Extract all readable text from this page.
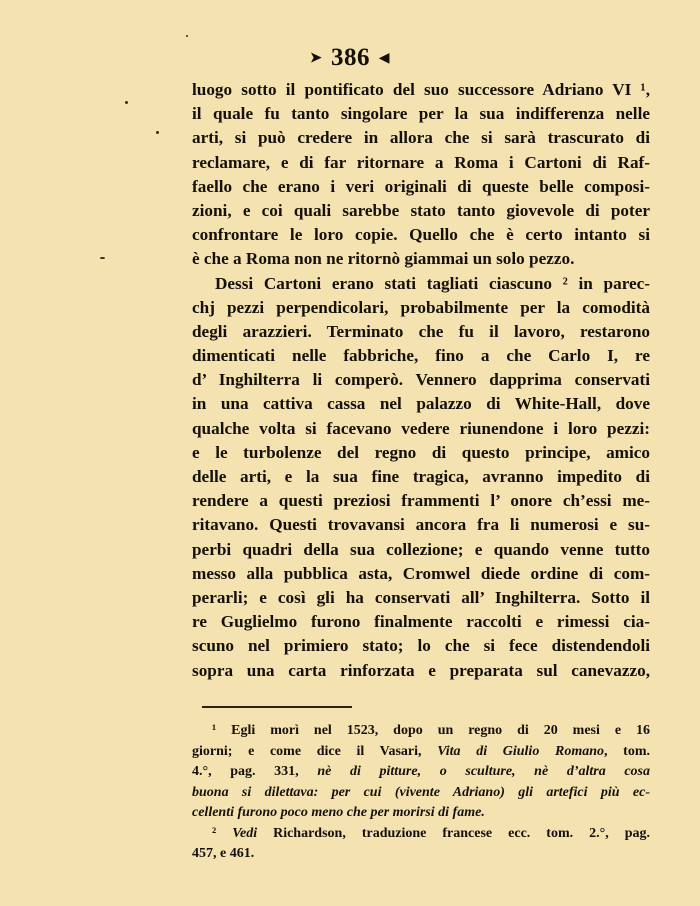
➤ 386 ◀
luogo sotto il pontificato del suo successore Adriano VI ¹,
il quale fu tanto singolare per la sua indifferenza nelle
arti, si può credere in allora che si sarà trascurato di
reclamare, e di far ritornare a Roma i Cartoni di Raf-
faello che erano i veri originali di queste belle composi-
zioni, e coi quali sarebbe stato tanto giovevole di poter
confrontare le loro copie. Quello che è certo intanto si
è che a Roma non ne ritornò giammai un solo pezzo.
Dessi Cartoni erano stati tagliati ciascuno ² in parec-
chj pezzi perpendicolari, probabilmente per la comodità
degli arazzieri. Terminato che fu il lavoro, restarono
dimenticati nelle fabbriche, fino a che Carlo I, re
d’ Inghilterra li comperò. Vennero dapprima conservati
in una cattiva cassa nel palazzo di White-Hall, dove
qualche volta si facevano vedere riunendone i loro pezzi:
e le turbolenze del regno di questo principe, amico
delle arti, e la sua fine tragica, avranno impedito di
rendere a questi preziosi frammenti l’ onore ch’essi me-
ritavano. Questi trovavansi ancora fra li numerosi e su-
perbi quadri della sua collezione; e quando venne tutto
messo alla pubblica asta, Cromwel diede ordine di com-
perarli; e così gli ha conservati all’ Inghilterra. Sotto il
re Guglielmo furono finalmente raccolti e rimessi cia-
scuno nel primiero stato; lo che si fece distendendoli
sopra una carta rinforzata e preparata sul canevazzo,
¹ Egli morì nel 1523, dopo un regno di 20 mesi e 16
giorni; e come dice il Vasari, Vita di Giulio Romano, tom.
4.°, pag. 331, nè di pitture, o sculture, nè d’altra cosa
buona si dilettava: per cui (vivente Adriano) gli artefici più ec-
cellenti furono poco meno che per morirsi di fame.
² Vedi Richardson, traduzione francese ecc. tom. 2.°, pag.
457, e 461.
